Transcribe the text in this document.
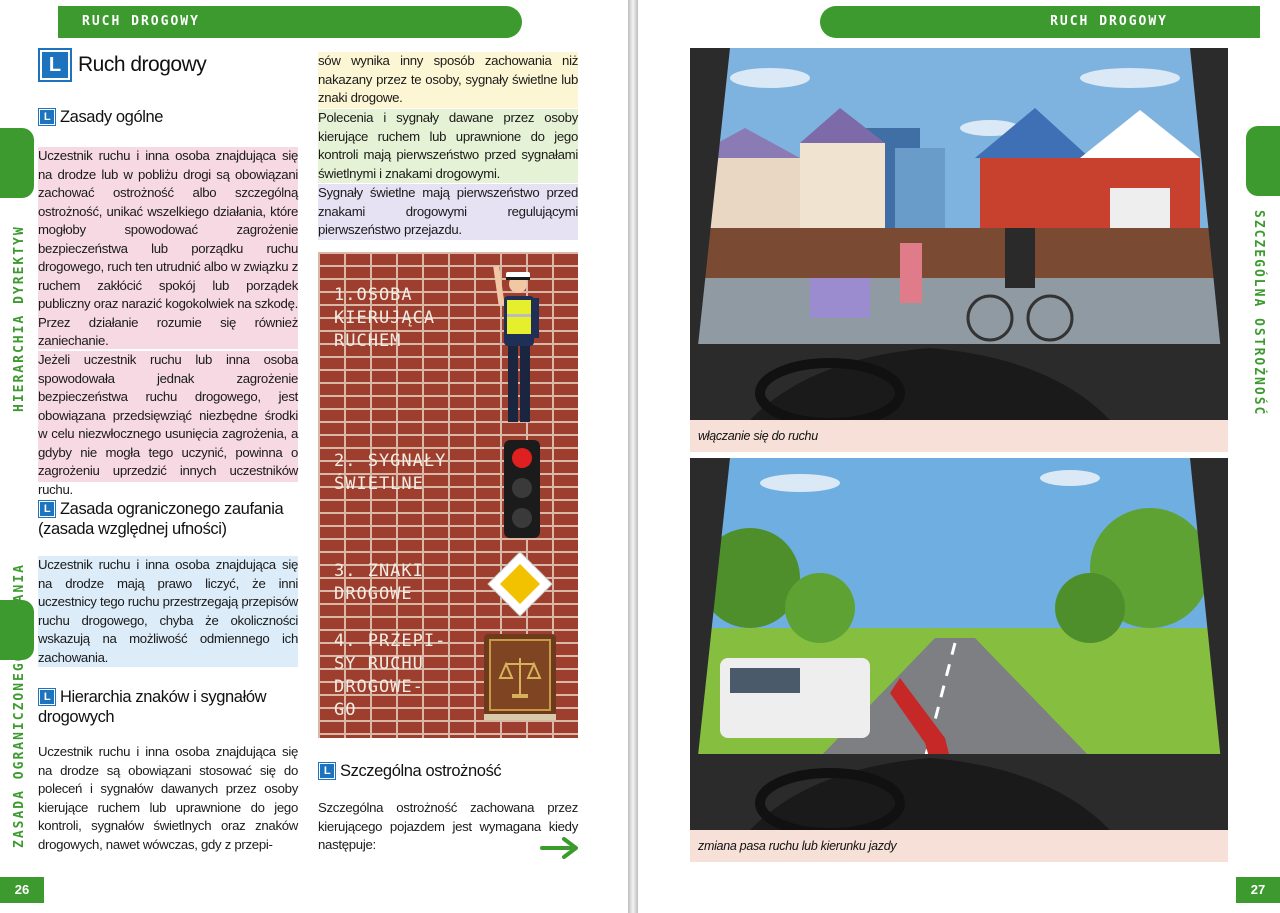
RUCH DROGOWY
HIERARCHIA DYREKTYW
ZASADA OGRANICZONEGO ZAUFANIA
L Ruch drogowy
L Zasady ogólne
Uczestnik ruchu i inna osoba znajdująca się na drodze lub w pobliżu drogi są obowiązani zachować ostrożność albo szczególną ostrożność, unikać wszelkiego działania, które mogłoby spowodować zagrożenie bezpieczeństwa lub porządku ruchu drogowego, ruch ten utrudnić albo w związku z ruchem zakłócić spokój lub porządek publiczny oraz narazić kogokolwiek na szkodę. Przez działanie rozumie się również zaniechanie.
Jeżeli uczestnik ruchu lub inna osoba spowodowała jednak zagrożenie bezpieczeństwa ruchu drogowego, jest obowiązana przedsięwziąć niezbędne środki w celu niezwłocznego usunięcia zagrożenia, a gdyby nie mogła tego uczynić, powinna o zagrożeniu uprzedzić innych uczestników ruchu.
L Zasada ograniczonego zaufania (zasada względnej ufności)
Uczestnik ruchu i inna osoba znajdująca się na drodze mają prawo liczyć, że inni uczestnicy tego ruchu przestrzegają przepisów ruchu drogowego, chyba że okoliczności wskazują na możliwość odmiennego ich zachowania.
L Hierarchia znaków i sygnałów drogowych
Uczestnik ruchu i inna osoba znajdująca się na drodze są obowiązani stosować się do poleceń i sygnałów dawanych przez osoby kierujące ruchem lub uprawnione do jego kontroli, sygnałów świetlnych oraz znaków drogowych, nawet wówczas, gdy z przepi-
sów wynika inny sposób zachowania niż nakazany przez te osoby, sygnały świetlne lub znaki drogowe.
Polecenia i sygnały dawane przez osoby kierujące ruchem lub uprawnione do jego kontroli mają pierwszeństwo przed sygnałami świetlnymi i znakami drogowymi.
Sygnały świetlne mają pierwszeństwo przed znakami drogowymi regulującymi pierwszeństwo przejazdu.
1.OSOBA
KIERUJĄCA
RUCHEM
2. SYGNAŁY
ŚWIETLNE
3. ZNAKI
DROGOWE
4. PRZEPI-
SY RUCHU
DROGOWE-
GO
L Szczególna ostrożność
Szczególna ostrożność zachowana przez kierującego pojazdem jest wymagana kiedy następuje:
26
RUCH DROGOWY
SZCZEGÓLNA OSTROŻNOŚĆ
włączanie się do ruchu
zmiana pasa ruchu lub kierunku jazdy
27
